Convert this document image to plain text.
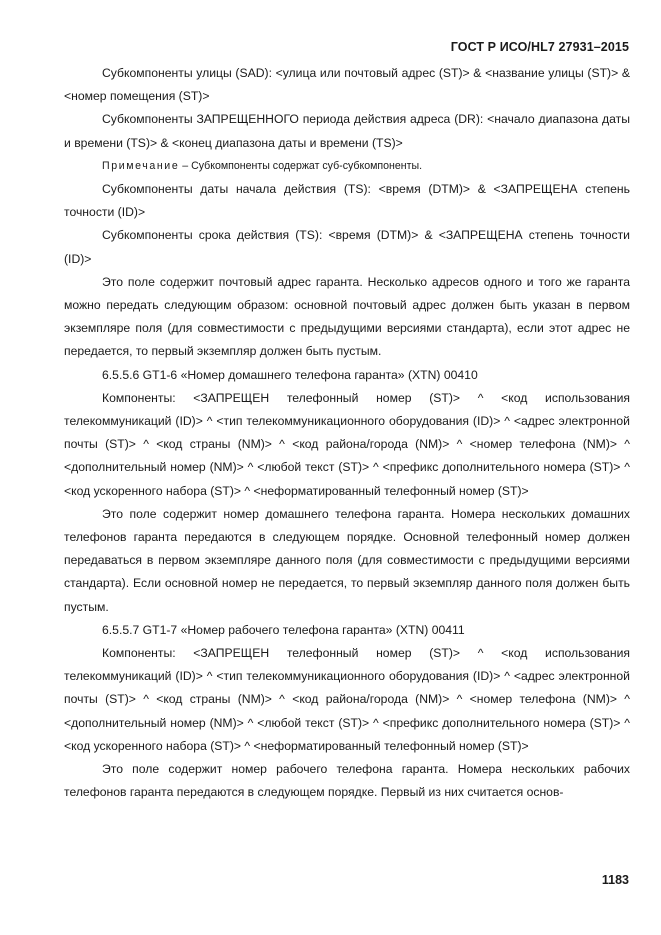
ГОСТ Р ИСО/HL7 27931–2015

Субкомпоненты улицы (SAD): <улица или почтовый адрес (ST)> & <название улицы (ST)> & <номер помещения (ST)>

Субкомпоненты ЗАПРЕЩЕННОГО периода действия адреса (DR): <начало диапазона даты и времени (TS)> & <конец диапазона даты и времени (TS)>

Примечание – Субкомпоненты содержат суб-субкомпоненты.

Субкомпоненты даты начала действия (TS): <время (DTM)> & <ЗАПРЕЩЕНА степень точности (ID)>

Субкомпоненты срока действия (TS): <время (DTM)> & <ЗАПРЕЩЕНА степень точности (ID)>

Это поле содержит почтовый адрес гаранта. Несколько адресов одного и того же гаранта можно передать следующим образом: основной почтовый адрес должен быть указан в первом экземпляре поля (для совместимости с предыдущими версиями стандарта), если этот адрес не передается, то первый экземпляр должен быть пустым.

6.5.5.6 GT1-6 «Номер домашнего телефона гаранта» (XTN) 00410

Компоненты: <ЗАПРЕЩЕН телефонный номер (ST)> ^ <код использования телекоммуникаций (ID)> ^ <тип телекоммуникационного оборудования (ID)> ^ <адрес электронной почты (ST)> ^ <код страны (NM)> ^ <код района/города (NM)> ^ <номер телефона (NM)> ^ <дополнительный номер (NM)> ^ <любой текст (ST)> ^ <префикс дополнительного номера (ST)> ^ <код ускоренного набора (ST)> ^ <неформатированный телефонный номер (ST)>

Это поле содержит номер домашнего телефона гаранта. Номера нескольких домашних телефонов гаранта передаются в следующем порядке. Основной телефонный номер должен передаваться в первом экземпляре данного поля (для совместимости с предыдущими версиями стандарта). Если основной номер не передается, то первый экземпляр данного поля должен быть пустым.

6.5.5.7 GT1-7 «Номер рабочего телефона гаранта» (XTN) 00411

Компоненты: <ЗАПРЕЩЕН телефонный номер (ST)> ^ <код использования телекоммуникаций (ID)> ^ <тип телекоммуникационного оборудования (ID)> ^ <адрес электронной почты (ST)> ^ <код страны (NM)> ^ <код района/города (NM)> ^ <номер телефона (NM)> ^ <дополнительный номер (NM)> ^ <любой текст (ST)> ^ <префикс дополнительного номера (ST)> ^ <код ускоренного набора (ST)> ^ <неформатированный телефонный номер (ST)>

Это поле содержит номер рабочего телефона гаранта. Номера нескольких рабочих телефонов гаранта передаются в следующем порядке. Первый из них считается основ-

1183
